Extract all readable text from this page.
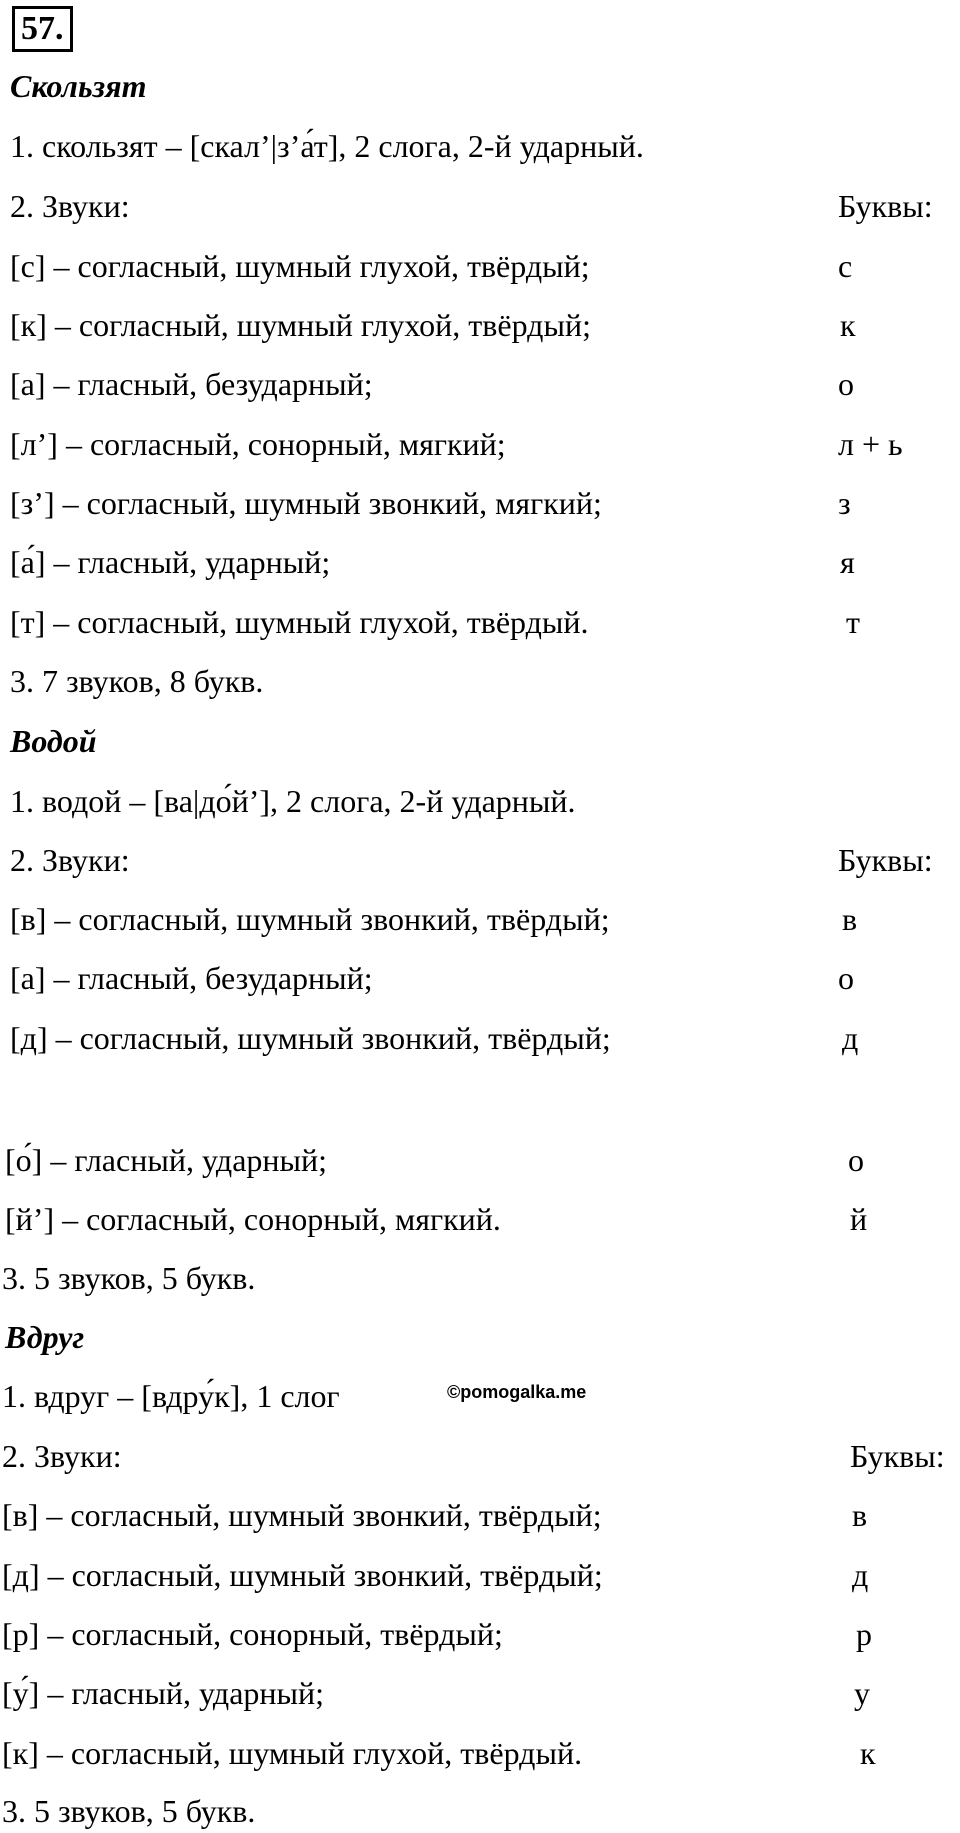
57.
Скользят
1. скользят – [скал’|з’а́т], 2 слога, 2-й ударный.
2. Звуки:	Буквы:
[с] – согласный, шумный глухой, твёрдый;	с
[к] – согласный, шумный глухой, твёрдый;	к
[а] – гласный, безударный;	о
[л’] – согласный, сонорный, мягкий;	л + ь
[з’] – согласный, шумный звонкий, мягкий;	з
[а́] – гласный, ударный;	я
[т] – согласный, шумный глухой, твёрдый.	т
3. 7 звуков, 8 букв.
Водой
1. водой – [ва|до́й’], 2 слога, 2-й ударный.
2. Звуки:	Буквы:
[в] – согласный, шумный звонкий, твёрдый;	в
[а] – гласный, безударный;	о
[д] – согласный, шумный звонкий, твёрдый;	д
[о́] – гласный, ударный;	о
[й’] – согласный, сонорный, мягкий.	й
3. 5 звуков, 5 букв.
Вдруг
1. вдруг – [вдру́к], 1 слог	©pomogalka.me
2. Звуки:	Буквы:
[в] – согласный, шумный звонкий, твёрдый;	в
[д] – согласный, шумный звонкий, твёрдый;	д
[р] – согласный, сонорный, твёрдый;	р
[у́] – гласный, ударный;	у
[к] – согласный, шумный глухой, твёрдый.	к
3. 5 звуков, 5 букв.
